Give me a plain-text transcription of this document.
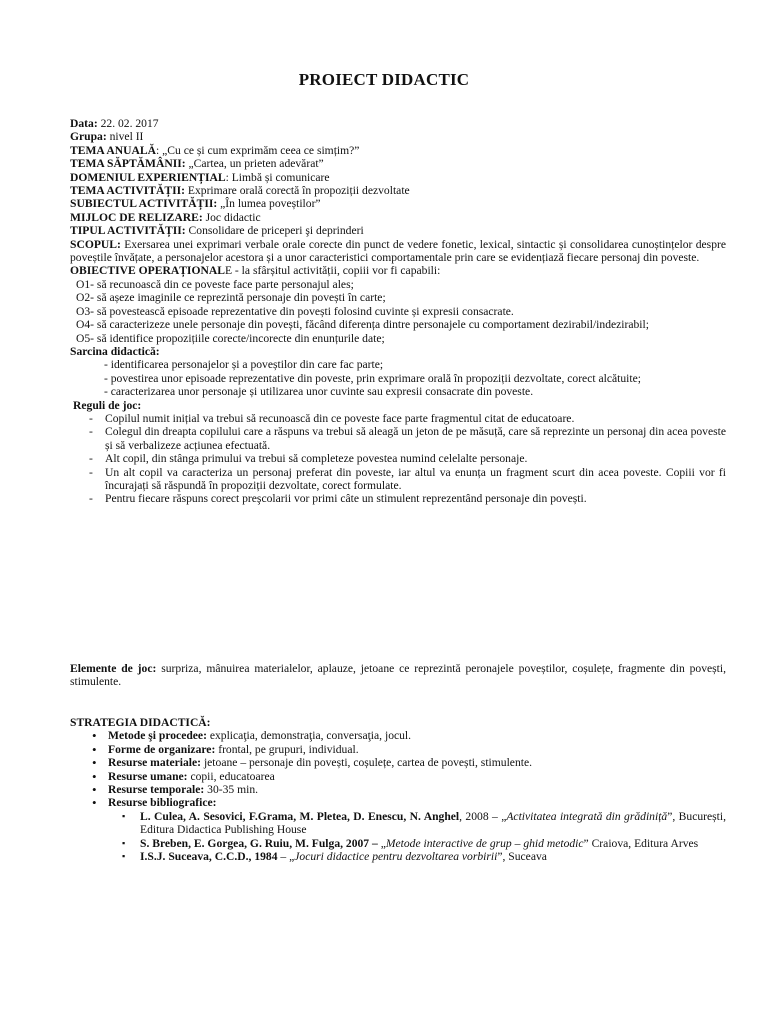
PROIECT DIDACTIC

Data: 22. 02. 2017

Grupa: nivel II

TEMA ANUALĂ: „Cu ce și cum exprimăm ceea ce simțim?”

TEMA SĂPTĂMÂNII: „Cartea, un prieten adevărat”

DOMENIUL EXPERIENȚIAL: Limbă și comunicare

TEMA ACTIVITĂȚII: Exprimare orală corectă în propoziții dezvoltate

SUBIECTUL ACTIVITĂȚII: „În lumea poveștilor”

MIJLOC DE RELIZARE: Joc didactic

TIPUL ACTIVITĂȚII: Consolidare de priceperi şi deprinderi

SCOPUL: Exersarea unei exprimari verbale orale corecte din punct de vedere fonetic, lexical, sintactic și consolidarea cunoștințelor despre poveștile învățate, a personajelor acestora și a unor caracteristici comportamentale prin care se evidențiază fiecare personaj din poveste.

OBIECTIVE OPERAȚIONALE - la sfârșitul activității, copiii vor fi capabili:

O1- să recunoască din ce poveste face parte personajul ales;

O2- să așeze imaginile ce reprezintă personaje din povești în carte;

O3- să povestească episoade reprezentative din povești folosind cuvinte și expresii consacrate.

O4- să caracterizeze unele personaje din povești, făcând diferența dintre personajele cu comportament dezirabil/indezirabil;

O5- să identifice propozițiile corecte/incorecte din enunțurile date;

Sarcina didactică:

- identificarea personajelor și a poveștilor din care fac parte;

- povestirea unor episoade reprezentative din poveste, prin exprimare orală în propoziții dezvoltate, corect alcătuite;

- caracterizarea unor personaje și utilizarea unor cuvinte sau expresii consacrate din poveste.

Reguli de joc:

- Copilul numit inițial va trebui să recunoască din ce poveste face parte fragmentul citat de educatoare.
- Colegul din dreapta copilului care a răspuns va trebui să aleagă un jeton de pe măsuță, care să reprezinte un personaj din acea poveste și să verbalizeze acțiunea efectuată.
- Alt copil, din stânga primului va trebui să completeze povestea numind celelalte personaje.
- Un alt copil va caracteriza un personaj preferat din poveste, iar altul va enunța un fragment scurt din acea poveste. Copiii vor fi încurajați să răspundă în propoziții dezvoltate, corect formulate.
- Pentru fiecare răspuns corect preşcolarii vor primi câte un stimulent reprezentând personaje din povești.
Elemente de joc: surpriza, mânuirea materialelor, aplauze, jetoane ce reprezintă peronajele poveștilor, coșulețe, fragmente din povești, stimulente.

STRATEGIA DIDACTICĂ:

• Metode şi procedee: explicaţia, demonstraţia, conversaţia, jocul.
• Forme de organizare: frontal, pe grupuri, individual.
• Resurse materiale: jetoane – personaje din povești, coșulețe, cartea de povești, stimulente.
• Resurse umane: copii, educatoarea
• Resurse temporale: 30-35 min.
• Resurse bibliografice:
▪ L. Culea, A. Sesovici, F.Grama, M. Pletea, D. Enescu, N. Anghel, 2008 – „Activitatea integrată din grădiniță”, București, Editura Didactica Publishing House
▪ S. Breben, E. Gorgea, G. Ruiu, M. Fulga, 2007 – „Metode interactive de grup – ghid metodic” Craiova, Editura Arves
▪ I.S.J. Suceava, C.C.D., 1984 – „Jocuri didactice pentru dezvoltarea vorbirii”, Suceava
